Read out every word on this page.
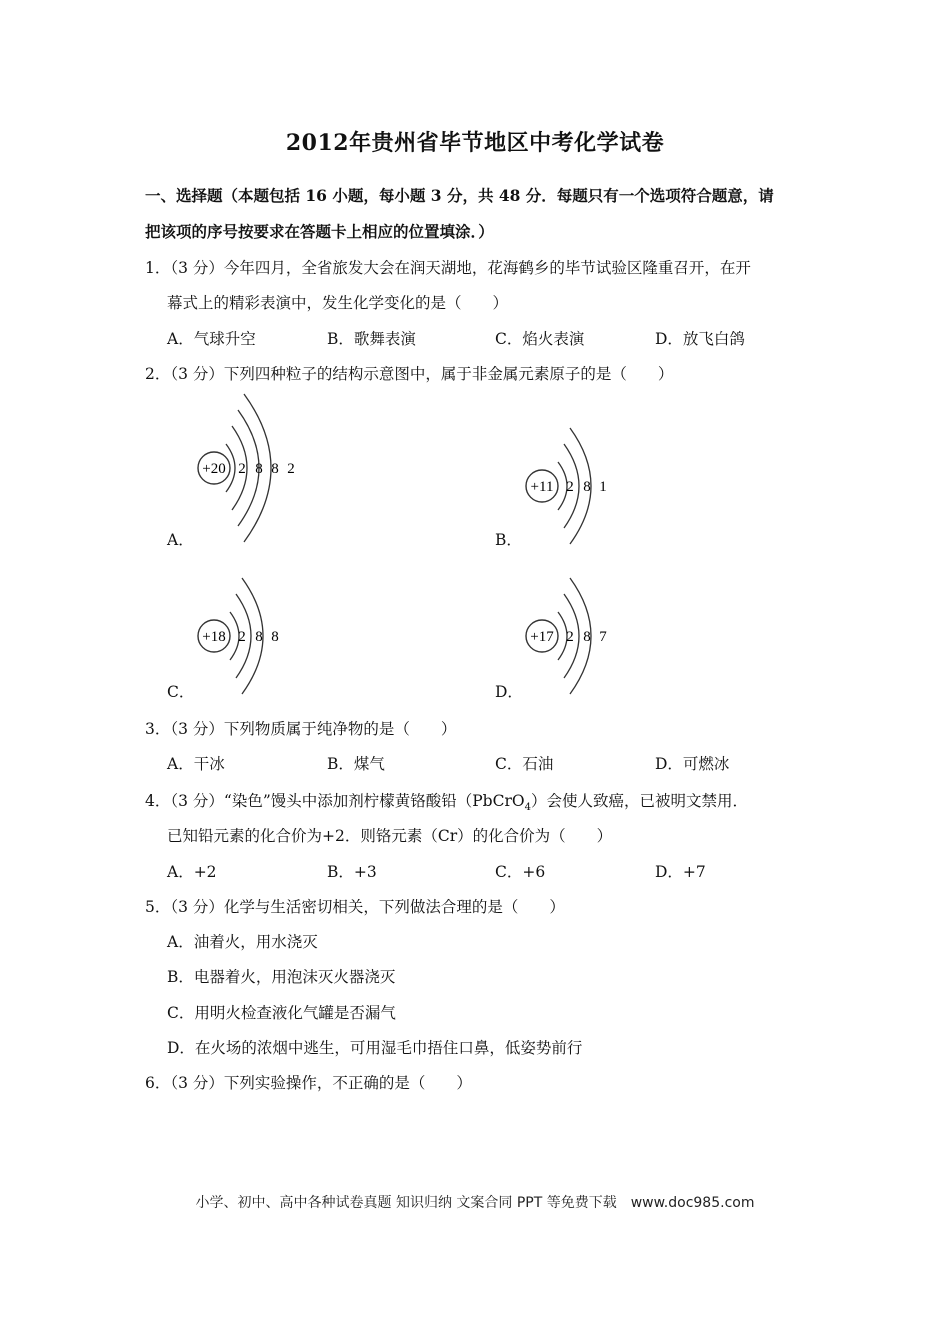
2012年贵州省毕节地区中考化学试卷
一、选择题（本题包括 16 小题，每小题 3 分，共 48 分．每题只有一个选项符合题意，请
把该项的序号按要求在答题卡上相应的位置填涂．）
1．（3 分）今年四月，全省旅发大会在润天湖地，花海鹤乡的毕节试验区隆重召开，在开
幕式上的精彩表演中，发生化学变化的是（　　）
A．气球升空	B．歌舞表演	C．焰火表演	D．放飞白鸽
2．（3 分）下列四种粒子的结构示意图中，属于非金属元素原子的是（　　）
A．	B．
C．	D．
+20 2 8 8 2
+11 2 8 1
+18 2 8 8	+17 2 8 7
3．（3 分）下列物质属于纯净物的是（　　）
A．干冰	B．煤气	C．石油	D．可燃冰
4．（3 分）“染色”馒头中添加剂柠檬黄铬酸铅（PbCrO$_4$）会使人致癌，已被明文禁用．
已知铅元素的化合价为+2．则铬元素（Cr）的化合价为（　　）
A．+2	B．+3	C．+6	D．+7
5．（3 分）化学与生活密切相关，下列做法合理的是（　　）
A．油着火，用水浇灭
B．电器着火，用泡沫灭火器浇灭
C．用明火检查液化气罐是否漏气
D．在火场的浓烟中逃生，可用湿毛巾捂住口鼻，低姿势前行
6．（3 分）下列实验操作，不正确的是（　　）
小学、初中、高中各种试卷真题 知识归纳 文案合同 PPT 等免费下载　www.doc985.com
